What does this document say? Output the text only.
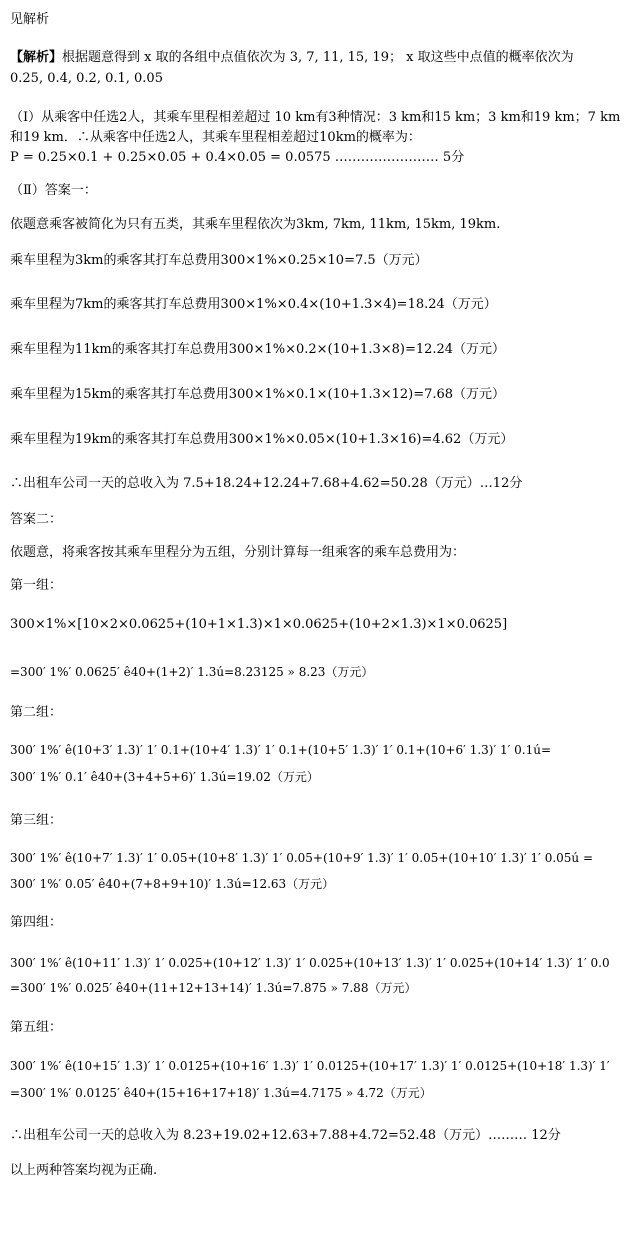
见解析
【解析】根据题意得到 x 取的各组中点值依次为 3, 7, 11, 15, 19； x 取这些中点值的概率依次为
0.25, 0.4, 0.2, 0.1, 0.05
（Ⅰ）从乘客中任选2人，其乘车里程相差超过 10 km有3种情况：3 km和15 km；3 km和19 km；7 km
和19 km．∴从乘客中任选2人，其乘车里程相差超过10km的概率为：
P = 0.25×0.1 + 0.25×0.05 + 0.4×0.05 = 0.0575 …………………… 5分
（Ⅱ）答案一：
依题意乘客被简化为只有五类，其乘车里程依次为3km, 7km, 11km, 15km, 19km.
乘车里程为3km的乘客其打车总费用300×1%×0.25×10=7.5（万元）
乘车里程为7km的乘客其打车总费用300×1%×0.4×(10+1.3×4)=18.24（万元）
乘车里程为11km的乘客其打车总费用300×1%×0.2×(10+1.3×8)=12.24（万元）
乘车里程为15km的乘客其打车总费用300×1%×0.1×(10+1.3×12)=7.68（万元）
乘车里程为19km的乘客其打车总费用300×1%×0.05×(10+1.3×16)=4.62（万元）
∴出租车公司一天的总收入为 7.5+18.24+12.24+7.68+4.62=50.28（万元）…12分
答案二：
依题意，将乘客按其乘车里程分为五组，分别计算每一组乘客的乘车总费用为：
第一组：
300×1%×[10×2×0.0625+(10+1×1.3)×1×0.0625+(10+2×1.3)×1×0.0625]
=300′ 1%′ 0.0625′ ê40+(1+2)′ 1.3ú=8.23125 » 8.23（万元）
第二组：
300′ 1%′ ê(10+3′ 1.3)′ 1′ 0.1+(10+4′ 1.3)′ 1′ 0.1+(10+5′ 1.3)′ 1′ 0.1+(10+6′ 1.3)′ 1′ 0.1ú=
300′ 1%′ 0.1′ ê40+(3+4+5+6)′ 1.3ú=19.02（万元）
第三组：
300′ 1%′ ê(10+7′ 1.3)′ 1′ 0.05+(10+8′ 1.3)′ 1′ 0.05+(10+9′ 1.3)′ 1′ 0.05+(10+10′ 1.3)′ 1′ 0.05ú =
300′ 1%′ 0.05′ ê40+(7+8+9+10)′ 1.3ú=12.63（万元）
第四组：
300′ 1%′ ê(10+11′ 1.3)′ 1′ 0.025+(10+12′ 1.3)′ 1′ 0.025+(10+13′ 1.3)′ 1′ 0.025+(10+14′ 1.3)′ 1′ 0.0
=300′ 1%′ 0.025′ ê40+(11+12+13+14)′ 1.3ú=7.875 » 7.88（万元）
第五组：
300′ 1%′ ê(10+15′ 1.3)′ 1′ 0.0125+(10+16′ 1.3)′ 1′ 0.0125+(10+17′ 1.3)′ 1′ 0.0125+(10+18′ 1.3)′ 1′
=300′ 1%′ 0.0125′ ê40+(15+16+17+18)′ 1.3ú=4.7175 » 4.72（万元）
∴出租车公司一天的总收入为 8.23+19.02+12.63+7.88+4.72=52.48（万元）……… 12分
以上两种答案均视为正确.
